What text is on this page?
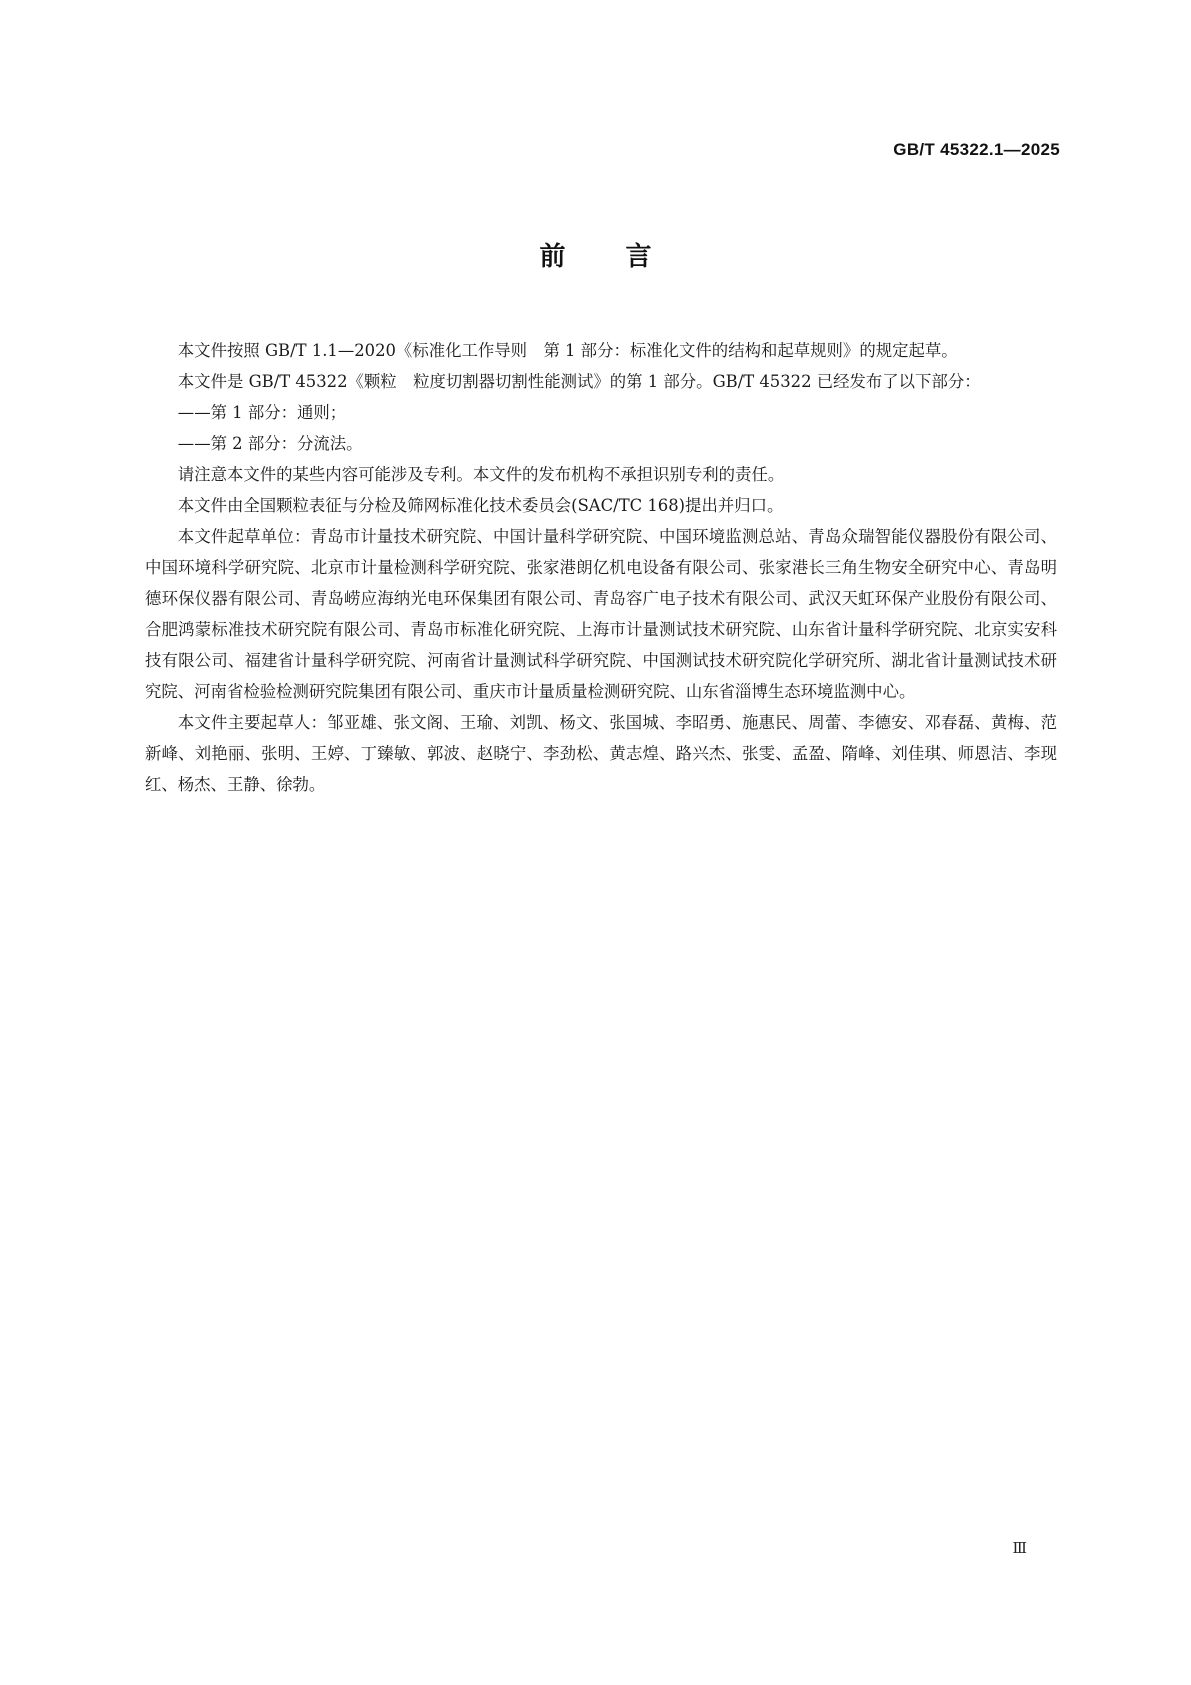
GB/T 45322.1—2025
前言

本文件按照 GB/T 1.1—2020《标准化工作导则　第 1 部分：标准化文件的结构和起草规则》的规定起草。

本文件是 GB/T 45322《颗粒　粒度切割器切割性能测试》的第 1 部分。GB/T 45322 已经发布了以下部分：

——第 1 部分：通则；

——第 2 部分：分流法。

请注意本文件的某些内容可能涉及专利。本文件的发布机构不承担识别专利的责任。

本文件由全国颗粒表征与分检及筛网标准化技术委员会(SAC/TC 168)提出并归口。

本文件起草单位：青岛市计量技术研究院、中国计量科学研究院、中国环境监测总站、青岛众瑞智能仪器股份有限公司、中国环境科学研究院、北京市计量检测科学研究院、张家港朗亿机电设备有限公司、张家港长三角生物安全研究中心、青岛明德环保仪器有限公司、青岛崂应海纳光电环保集团有限公司、青岛容广电子技术有限公司、武汉天虹环保产业股份有限公司、合肥鸿蒙标准技术研究院有限公司、青岛市标准化研究院、上海市计量测试技术研究院、山东省计量科学研究院、北京实安科技有限公司、福建省计量科学研究院、河南省计量测试科学研究院、中国测试技术研究院化学研究所、湖北省计量测试技术研究院、河南省检验检测研究院集团有限公司、重庆市计量质量检测研究院、山东省淄博生态环境监测中心。

本文件主要起草人：邹亚雄、张文阁、王瑜、刘凯、杨文、张国城、李昭勇、施惠民、周蕾、李德安、邓春磊、黄梅、范新峰、刘艳丽、张明、王婷、丁臻敏、郭波、赵晓宁、李劲松、黄志煌、路兴杰、张雯、孟盈、隋峰、刘佳琪、师恩洁、李现红、杨杰、王静、徐勃。

Ⅲ
